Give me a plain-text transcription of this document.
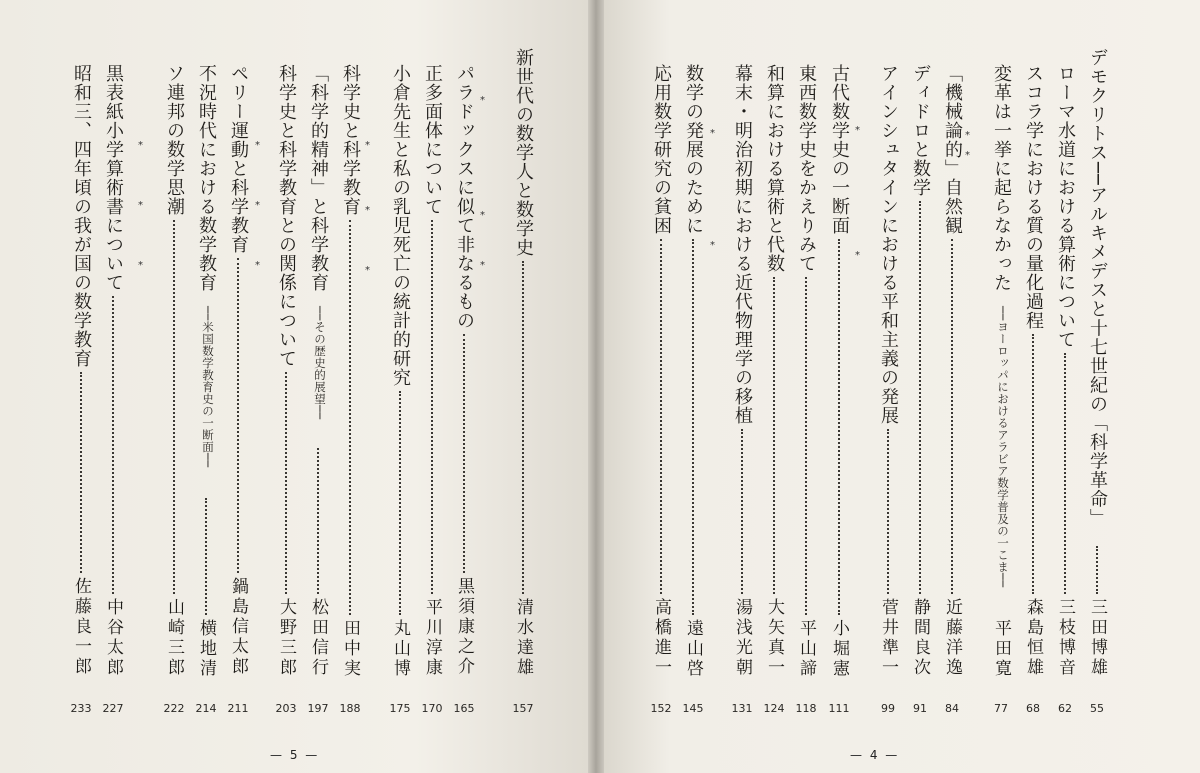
— 5 —	— 4 —
デモクリトス──アルキメデスと十七世紀の「科学革命」
三田博雄
55
ローマ水道における算術について
三枝博音
62
スコラ学における質の量化過程
森島恒雄
68
変革は一挙に起らなかった
──ヨーロッパにおけるアラビア数学普及の一こま──
平田寛
77
「機械論的」自然観
近藤洋逸
84
ディドロと数学
静間良次
91
アインシュタインにおける平和主義の発展
菅井準一
99
古代数学史の一断面
小堀憲
111
東西数学史をかえりみて
平山諦
118
和算における算術と代数
大矢真一
124
幕末・明治初期における近代物理学の移植
湯浅光朝
131
数学の発展のために
遠山啓
145
応用数学研究の貧困
高橋進一
152
新世代の数学人と数学史
清水達雄
157
パラドックスに似て非なるもの
黒須康之介
165
正多面体について
平川淳康
170
小倉先生と私の乳児死亡の統計的研究
丸山博
175
科学史と科学教育
田中実
188
「科学的精神」と科学教育
──その歴史的展望──
松田信行
197
科学史と科学教育との関係について
大野三郎
203
ペリー運動と科学教育
鍋島信太郎
211
不況時代における数学教育
──米国数学教育史の一断面──
横地清
214
ソ連邦の数学思潮
山崎三郎
222
黒表紙小学算術書について
中谷太郎
227
昭和三、四年頃の我が国の数学教育
佐藤良一郎
233
*
*
*
*
*
*
*
*
*
*
*
*
*
*
*
*
*
*
